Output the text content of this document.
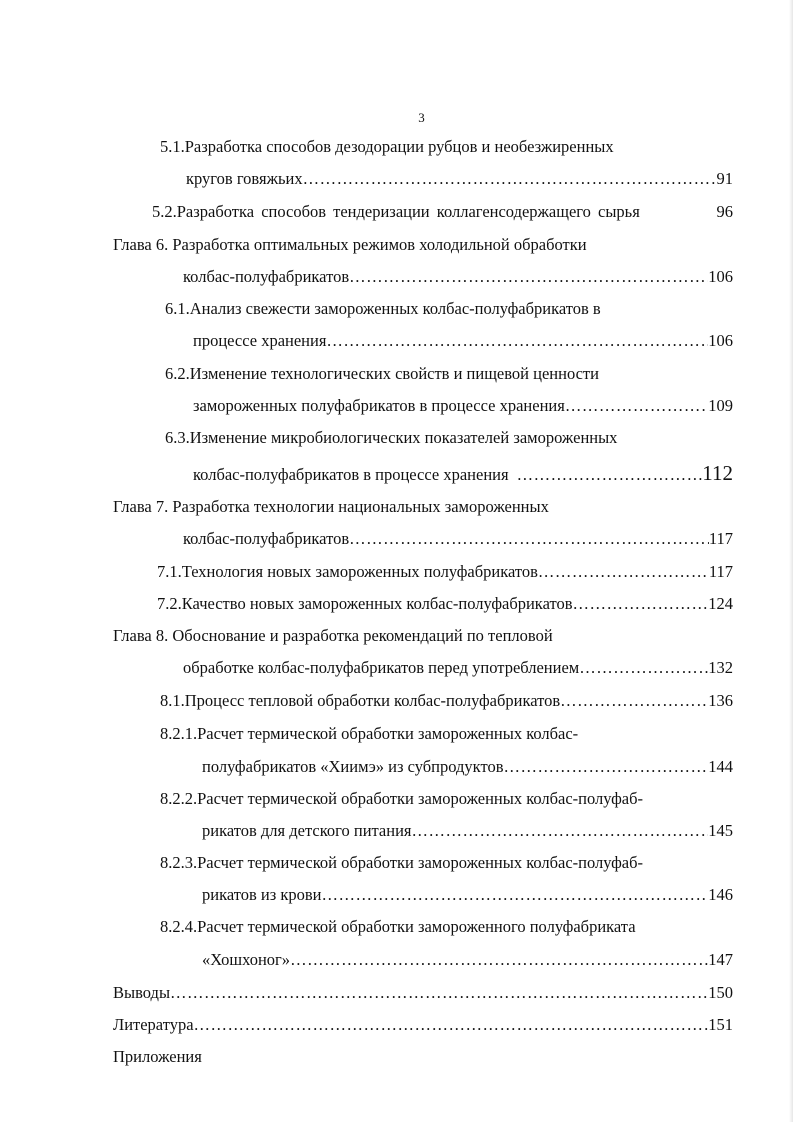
3
5.1.Разработка способов дезодорации рубцов и необезжиренных
кругов говяжьих ……………………………………………………………………………………………………………………………………………	91
5.2.Разработка способов тендеризации коллагенсодержащего сырья	96
Глава 6. Разработка оптимальных режимов холодильной обработки
колбас-полуфабрикатов ……………………………………………………………………………………………………………………………………………	106
6.1.Анализ свежести замороженных колбас-полуфабрикатов в
процессе хранения ……………………………………………………………………………………………………………………………………………	106
6.2.Изменение технологических свойств и пищевой ценности
замороженных полуфабрикатов в процессе хранения ……………………………………………………………………………………………………………………………………………	109
6.3.Изменение микробиологических показателей замороженных
колбас-полуфабрикатов в процессе хранения ……………………………………………………………………………………………………………………………………………	112
Глава 7. Разработка технологии национальных замороженных
колбас-полуфабрикатов ……………………………………………………………………………………………………………………………………………	117
7.1.Технология новых замороженных полуфабрикатов ……………………………………………………………………………………………………………………………………………	117
7.2.Качество новых замороженных колбас-полуфабрикатов ……………………………………………………………………………………………………………………………………………	124
Глава 8. Обоснование и разработка рекомендаций по тепловой
обработке колбас-полуфабрикатов перед употреблением ……………………………………………………………………………………………………………………………………………	132
8.1.Процесс тепловой обработки колбас-полуфабрикатов ……………………………………………………………………………………………………………………………………………	136
8.2.1.Расчет термической обработки замороженных колбас-
полуфабрикатов «Хиимэ» из субпродуктов ……………………………………………………………………………………………………………………………………………	144
8.2.2.Расчет термической обработки замороженных колбас-полуфаб-
рикатов для детского питания ……………………………………………………………………………………………………………………………………………	145
8.2.3.Расчет термической обработки замороженных колбас-полуфаб-
рикатов из крови ……………………………………………………………………………………………………………………………………………	146
8.2.4.Расчет термической обработки замороженного полуфабриката
«Хошхоног» ……………………………………………………………………………………………………………………………………………	147
Выводы ……………………………………………………………………………………………………………………………………………	150
Литература ……………………………………………………………………………………………………………………………………………	151
Приложения
